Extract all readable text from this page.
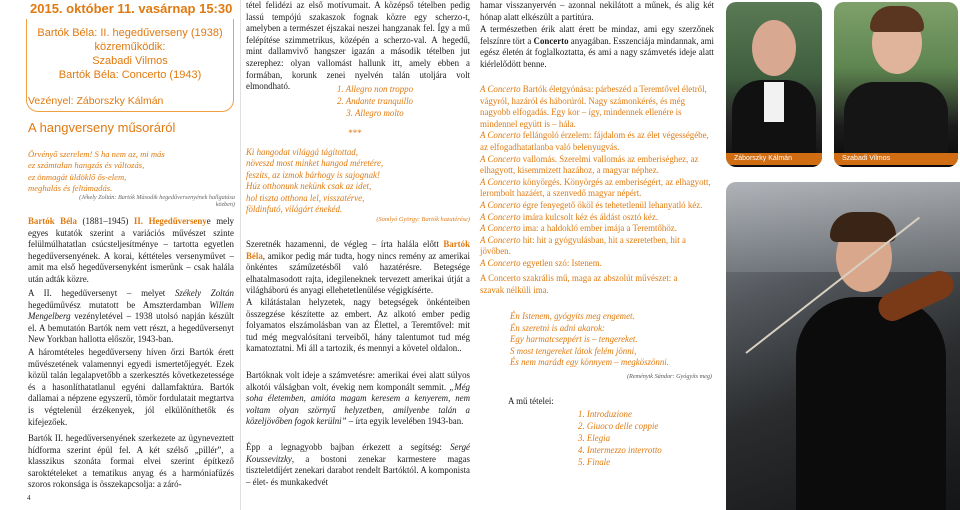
2015. október 11. vasárnap 15:30
Bartók Béla: II. hegedűverseny (1938)
közreműködik:
Szabadi Vilmos
Bartók Béla: Concerto (1943)
Vezényel: Záborszky Kálmán
A hangverseny műsoráról
Örvényő szerelem! S ha nem az, mi más
ez számtalan hangzás és változás,
ez önmagát üldöklő ős-elem,
meghalás és feltámadás.
(Jékely Zoltán: Bartók Második hegedűversenyének hallgatása közben)

Bartók Béla (1881–1945) II. Hegedűversenye mely egyes kutatók szerint a variációs művészet szinte felülmúlhatatlan csúcsteljesítménye – tartotta egyetlen hegedűversenyének. A korai, kéttételes versenyművet – amit ma első hegedűversenyként ismerünk – csak halála után adták közre.

A II. hegedűversenyt – melyet Székely Zoltán hegedűművész mutatott be Amszterdamban Willem Mengelberg vezényletével – 1938 utolsó napján készült el. A bemutatón Bartók nem vett részt, a hegedűversenyt New Yorkban hallotta először, 1943-ban.

A háromtételes hegedűverseny híven őrzi Bartók érett művészetének valamennyi egyedi ismertetőjegyét. Ezek közül talán legalapvetőbb a szerkesztés következetessége és a hasonlíthatatlanul egyéni dallamfaktúra. Bartók dallamai a népzene egyszerű, tömör fordulatait megtartva is végtelenül érzékenyek, jól elkülöníthetők és kifejezőek.

Bartók II. hegedűversenyének szerkezete az ügyneveztett hídforma szerint épül fel. A két szélső „pillér”, a klasszikus szonáta formai elvei szerint építkező saroktételeket a tematikus anyag és a harmóniafűzés szoros rokonsága is összekapcsolja: a záró-

4

tétel felidézi az első motívumait. A középső tételben pedig lassú tempójú szakaszok fognak közre egy scherzo-t, amelyben a természet éjszakai neszei hangzanak fel. Így a mű felépítése szimmetrikus, középén a scherzo-val. A hegedű, mint dallamvivő hangszer igazán a második tételben jut szerephez: olyan vallomást hallunk itt, amely ebben a formában, korunk zenei nyelvén talán utoljára volt elmondható.	1. Allegro non troppo
2. Andante tranquillo
3. Allegro molto
***
Ki hangodat világgá tágítottad,
növeszd most minket hangod méretére,
feszíts, az izmok bárhogy is sajognak!
Húz otthonunk nekünk csak az idet,
hol tiszta otthona lel, visszatérve,
földinfutó, világárt énekéd.
(Somlyó György: Bartók hazatérése)

Szeretnék hazamenni, de végleg – írta halála előtt Bartók Béla, amikor pedig már tudta, hogy nincs remény az amerikai önkéntes száműzetésből való hazatérésre. Betegsége elhatalmasodott rajta, idegileneknek tervezett amerikai útját a világháború és anyagi ellehetetlenülése végigkísérte.

A kilátástalan helyzetek, nagy betegségek önkénteiben összegzése készítette az embert. Az alkotó ember pedig folyamatos elszámolásban van az Élettel, a Teremtővel: mit tud még megvalósítani terveiből, hány talentumot tud még kamatoztatni. Mi áll a tartozik, és mennyi a követel oldalon..

Bartóknak volt ideje a számvetésre: amerikai évei alatt súlyos alkotói válságban volt, évekig nem komponált semmit. „Még soha életemben, amióta magam keresem a kenyerem, nem voltam olyan szörnyű helyzetben, amilyenbe talán a közeljövőben fogok kerülni” – írta egyik levelében 1943-ban.

Épp a legnagyobb bajban érkezett a segítség: Sergé Koussevitzky, a bostoni zenekar karmestere magas tiszteletdíjért zenekari darabot rendelt Bartóktól. A komponista – élet- és munkakedvét

hamar visszanyervén – azonnal nekilátott a műnek, és alig két hónap alatt elkészült a partitúra.

A természetben érik alatt érett be mindaz, ami egy szerzőnek felszínre tört a Concerto anyagában. Esszenciája mindannak, ami egész életén át foglalkoztatta, és ami a nagy számvetés ideje alatt kiérlelődött benne.

A Concerto Bartók életgyónása: párbeszéd a Teremtővel életről, vágyról, hazáról és háborúról. Nagy számonkérés, és még nagyobb elfogadás. Egy kor – így, mindennek ellenére is mindennel együtt is – hála.

A Concerto fellángoló érzelem: fájdalom és az élet végességébe, az elfogadhatatlanba való belenyugvás.

A Concerto vallomás. Szerelmi vallomás az emberiséghez, az elhagyott, kisemmizett hazához, a magyar néphez.

A Concerto könyörgés. Könyörgés az emberiségért, az elhagyott, lerombolt hazáért, a szenvedő magyar népért.

A Concerto égre fenyegető ököl és tehetetlenül lehanyatló kéz.

A Concerto imára kulcsolt kéz és áldást osztó kéz.

A Concerto ima: a haldokló ember imája a Teremtőhöz.

A Concerto hit: hit a gyógyulásban, hit a szeretetben, hit a jövőben.

A Concerto egyetlen szó: Istenem.

A Concerto szakrális mű, maga az abszolút művészet: a szavak nélküli ima.

Én Istenem, gyógyíts meg engemet.
Én szeretni is adni akarok:
Egy harmatcseppért is – tengereket.
S most tengereket látok felém jönni,
És nem marádt egy könnyem – megköszönni.
(Reményik Sándor: Gyógyíts meg)
A mű tételei:
1. Introduzione
2. Giuoco delle coppie
3. Elegia
4. Intermezzo interrotto
5. Finale
Záborszky Kálmán	Szabadi Vilmos
